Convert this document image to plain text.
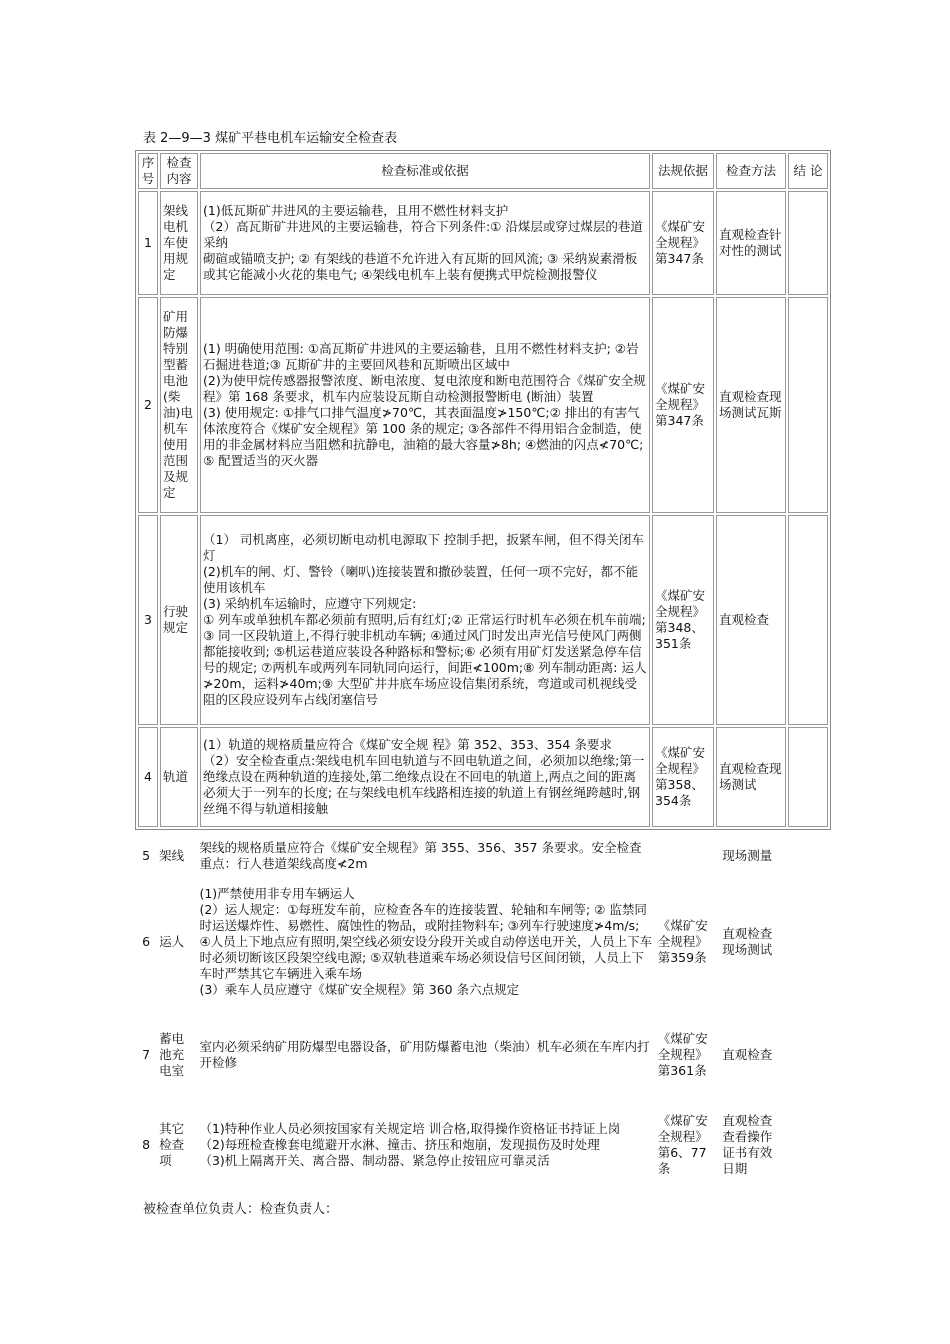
表 2—9—3 煤矿平巷电机车运输安全检查表
序号	检查内容	检查标准或依据	法规依据	检查方法	结 论
1	架线电机车使用规定	(1)低瓦斯矿井进风的主要运输巷，且用不燃性材料支护
（2）高瓦斯矿井进风的主要运输巷，符合下列条件:① 沿煤层或穿过煤层的巷道采纳
砌碹或锚喷支护; ② 有架线的巷道不允许进入有瓦斯的回风流; ③ 采纳炭素滑板或其它能减小火花的集电气; ④架线电机车上装有便携式甲烷检测报警仪	《煤矿安全规程》第347条	直观检查针对性的测试	
2	矿用防爆特别型蓄电池(柴油)电机车使用范围及规定	(1) 明确使用范围: ①高瓦斯矿井进风的主要运输巷，且用不燃性材料支护; ②岩石掘进巷道;③ 瓦斯矿井的主要回风巷和瓦斯喷出区域中
(2)为使甲烷传感器报警浓度、断电浓度、复电浓度和断电范围符合《煤矿安全规程》第 168 条要求，机车内应装设瓦斯自动检测报警断电 (断油）装置
(3) 使用规定: ①排气口排气温度≯70℃，其表面温度≯150℃;② 排出的有害气体浓度符合《煤矿安全规程》第 100 条的规定; ③各部件不得用铝合金制造，使用的非金属材料应当阻燃和抗静电，油箱的最大容量≯8h; ④燃油的闪点≮70℃; ⑤ 配置适当的灭火器	《煤矿安全规程》第347条	直观检查现场测试瓦斯	
3	行驶规定	（1） 司机离座，必须切断电动机电源取下 控制手把，扳紧车闸，但不得关闭车灯
(2)机车的闸、灯、警铃（喇叭)连接装置和撒砂装置，任何一项不完好，都不能使用该机车
(3) 采纳机车运输时，应遵守下列规定:
① 列车或单独机车都必须前有照明,后有红灯;② 正常运行时机车必须在机车前端; ③ 同一区段轨道上,不得行驶非机动车辆; ④通过风门时发出声光信号使风门两侧都能接收到; ⑤机运巷道应装设各种路标和警标;⑥ 必须有用矿灯发送紧急停车信号的规定; ⑦两机车或两列车同轨同向运行，间距≮100m;⑧ 列车制动距离: 运人≯20m，运料≯40m;⑨ 大型矿井井底车场应设信集闭系统，弯道或司机视线受阻的区段应设列车占线闭塞信号	《煤矿安全规程》第348、351条	直观检查	
4	轨道	(1）轨道的规格质量应符合《煤矿安全规 程》第 352、353、354 条要求
（2）安全检查重点:架线电机车回电轨道与不回电轨道之间，必须加以绝缘;第一绝缘点设在两种轨道的连接处,第二绝缘点设在不回电的轨道上,两点之间的距离必须大于一列车的长度; 在与架线电机车线路相连接的轨道上有钢丝绳跨越时,钢丝绳不得与轨道相接触	《煤矿安全规程》第358、354条	直观检查现场测试	
5	架线	架线的规格质量应符合《煤矿安全规程》第 355、356、357 条要求。安全检查重点：行人巷道架线高度≮2m		现场测量	
6	运人	(1)严禁使用非专用车辆运人
(2）运人规定：①每班发车前，应检查各车的连接装置、轮轴和车闸等; ② 监禁同时运送爆炸性、易燃性、腐蚀性的物品，或附挂物料车; ③列车行驶速度≯4m/s; ④人员上下地点应有照明,架空线必须安设分段开关或自动停送电开关，人员上下车时必须切断该区段架空线电源; ⑤双轨巷道乘车场必须设信号区间闭锁，人员上下车时严禁其它车辆进入乘车场
(3）乘车人员应遵守《煤矿安全规程》第 360 条六点规定	《煤矿安全规程》第359条	直观检查现场测试	
7	蓄电池充电室	室内必须采纳矿用防爆型电器设备，矿用防爆蓄电池（柴油）机车必须在车库内打开检修	《煤矿安全规程》第361条	直观检查	
8	其它检查项	（1)特种作业人员必须按国家有关规定培 训合格,取得操作资格证书持证上岗
（2)每班检查橡套电缆避开水淋、撞击、挤压和炮崩，发现损伤及时处理
（3)机上隔离开关、离合器、制动器、紧急停止按钮应可靠灵活	《煤矿安全规程》第6、77条	直观检查查看操作证书有效日期	
被检查单位负责人：检查负责人：
